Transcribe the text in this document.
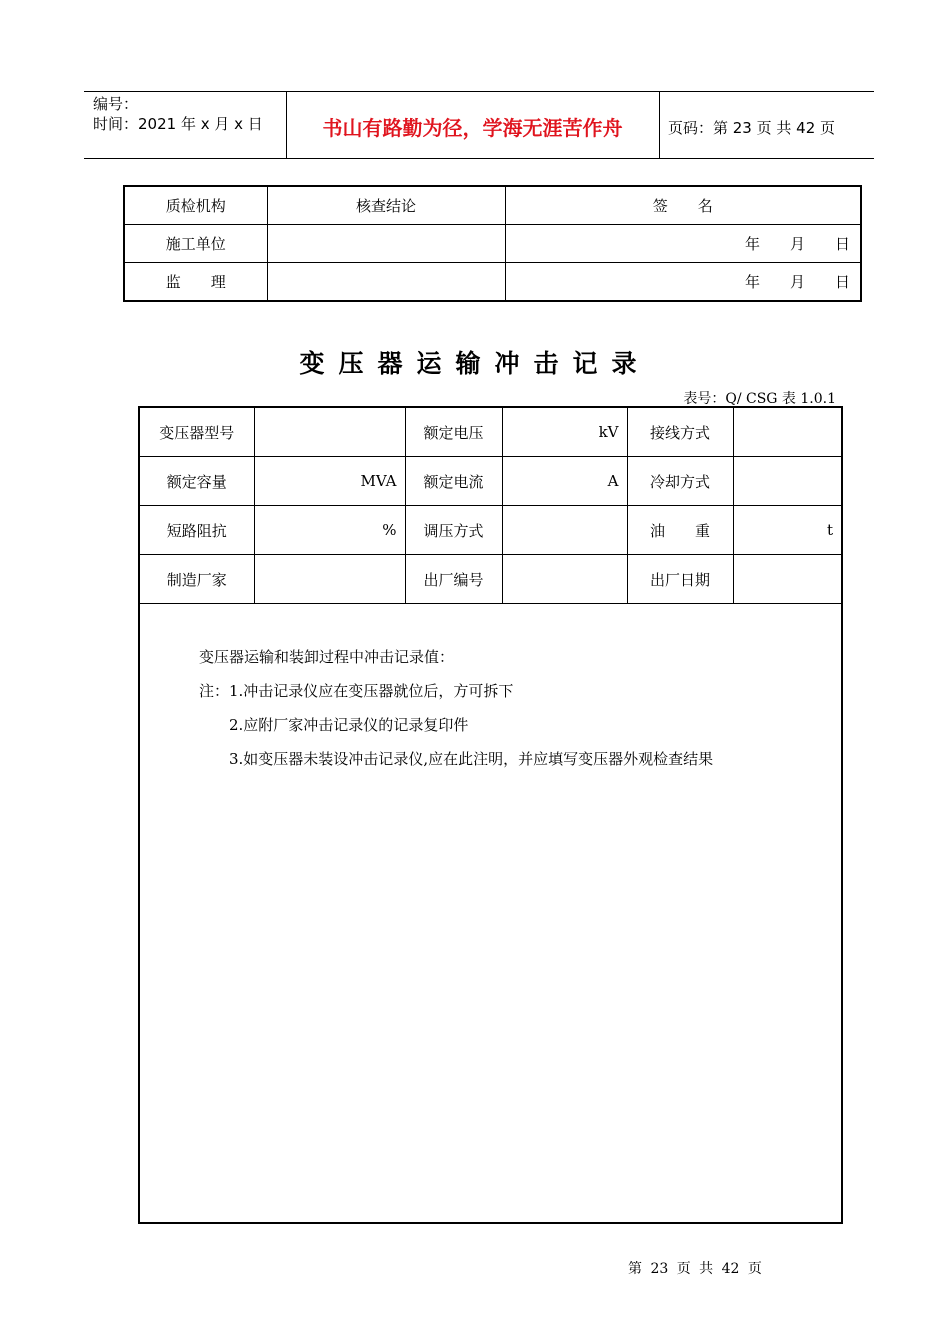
编号：
时间：2021 年 x 月 x 日	书山有路勤为径，学海无涯苦作舟	页码：第 23 页 共 42 页
质检机构	核查结论	签　　名
施工单位		年　　月　　日
监　　理		年　　月　　日
变压器运输冲击记录
表号：Q/ CSG 表 1.0.1
变压器型号		额定电压	kV	接线方式	
额定容量	MVA	额定电流	A	冷却方式	
短路阻抗	%	调压方式		油　　重	t
制造厂家		出厂编号		出厂日期	

变压器运输和装卸过程中冲击记录值：
注：1.冲击记录仪应在变压器就位后，方可拆下
2.应附厂家冲击记录仪的记录复印件
3.如变压器未装设冲击记录仪,应在此注明，并应填写变压器外观检查结果
第 23 页 共 42 页
